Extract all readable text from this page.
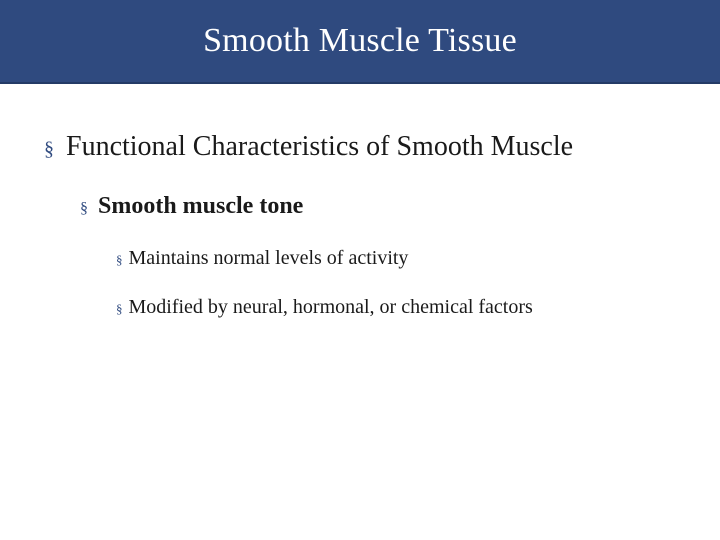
Smooth Muscle Tissue
§ Functional Characteristics of Smooth Muscle
§ Smooth muscle tone
§ Maintains normal levels of activity
§ Modified by neural, hormonal, or chemical factors
